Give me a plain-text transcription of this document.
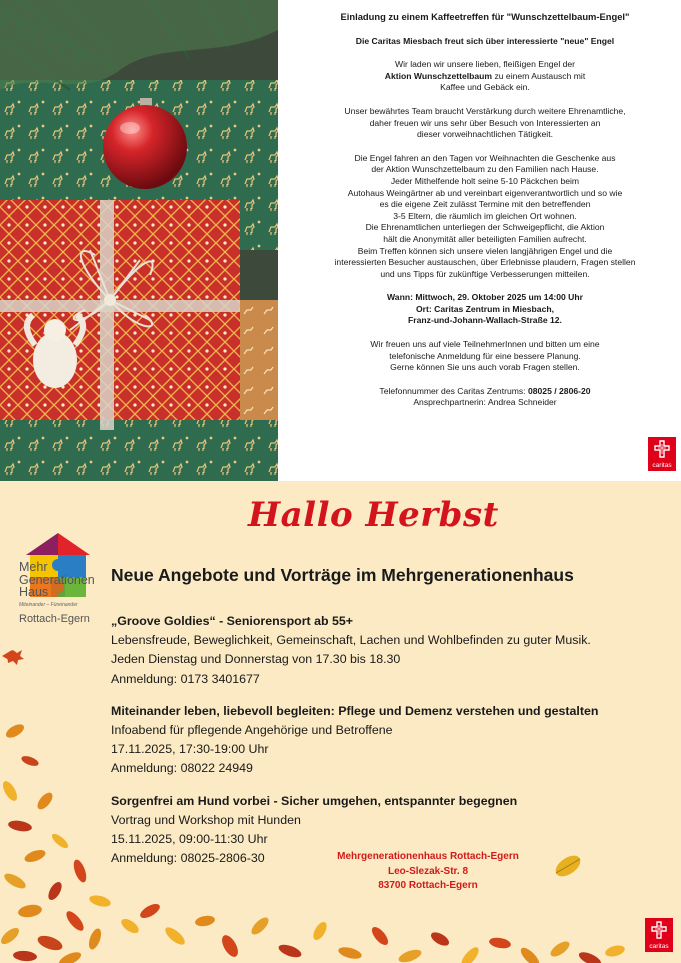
Einladung zu einem Kaffeetreffen für "Wunschzettelbaum-Engel"

Die Caritas Miesbach freut sich über interessierte "neue" Engel

Wir laden wir unsere lieben, fleißigen Engel der
Aktion Wunschzettelbaum zu einem Austausch mit
Kaffee und Gebäck ein.

Unser bewährtes Team braucht Verstärkung durch weitere Ehrenamtliche,
daher freuen wir uns sehr über Besuch von Interessierten an
dieser vorweihnachtlichen Tätigkeit.

Die Engel fahren an den Tagen vor Weihnachten die Geschenke aus
der Aktion Wunschzettelbaum zu den Familien nach Hause.
Jeder Mithelfende holt seine 5-10 Päckchen beim
Autohaus Weingärtner ab und vereinbart eigenverantwortlich und so wie
es die eigene Zeit zulässt Termine mit den betreffenden
3-5 Eltern, die räumlich im gleichen Ort wohnen.
Die Ehrenamtlichen unterliegen der Schweigepflicht, die Aktion
hält die Anonymität aller beteiligten Familien aufrecht.
Beim Treffen können sich unsere vielen langjährigen Engel und die
interessierten Besucher austauschen, über Erlebnisse plaudern, Fragen stellen
und uns Tipps für zukünftige Verbesserungen mitteilen.

Wann: Mittwoch, 29. Oktober 2025 um 14:00 Uhr
Ort: Caritas Zentrum in Miesbach,
Franz-und-Johann-Wallach-Straße 12.

Wir freuen uns auf viele TeilnehmerInnen und bitten um eine
telefonische Anmeldung für eine bessere Planung.
Gerne können Sie uns auch vorab Fragen stellen.

Telefonnummer des Caritas Zentrums: 08025 / 2806-20
Ansprechpartnerin: Andrea Schneider

caritas
Mehr
Generationen
Haus
Miteinander – Füreinander
Rottach-Egern
Hallo Herbst
Neue Angebote und Vorträge im Mehrgenerationenhaus
„Groove Goldies“ - Seniorensport ab 55+
Lebensfreude, Beweglichkeit, Gemeinschaft, Lachen und Wohlbefinden zu guter Musik.
Jeden Dienstag und Donnerstag von 17.30 bis 18.30
Anmeldung: 0173 3401677
Miteinander leben, liebevoll begleiten: Pflege und Demenz verstehen und gestalten
Infoabend für pflegende Angehörige und Betroffene
17.11.2025, 17:30-19:00 Uhr
Anmeldung: 08022 24949
Sorgenfrei am Hund vorbei - Sicher umgehen, entspannter begegnen
Vortrag und Workshop mit Hunden
15.11.2025, 09:00-11:30 Uhr
Anmeldung: 08025-2806-30	Mehrgenerationenhaus Rottach-Egern
Leo-Slezak-Str. 8
83700 Rottach-Egern
caritas
